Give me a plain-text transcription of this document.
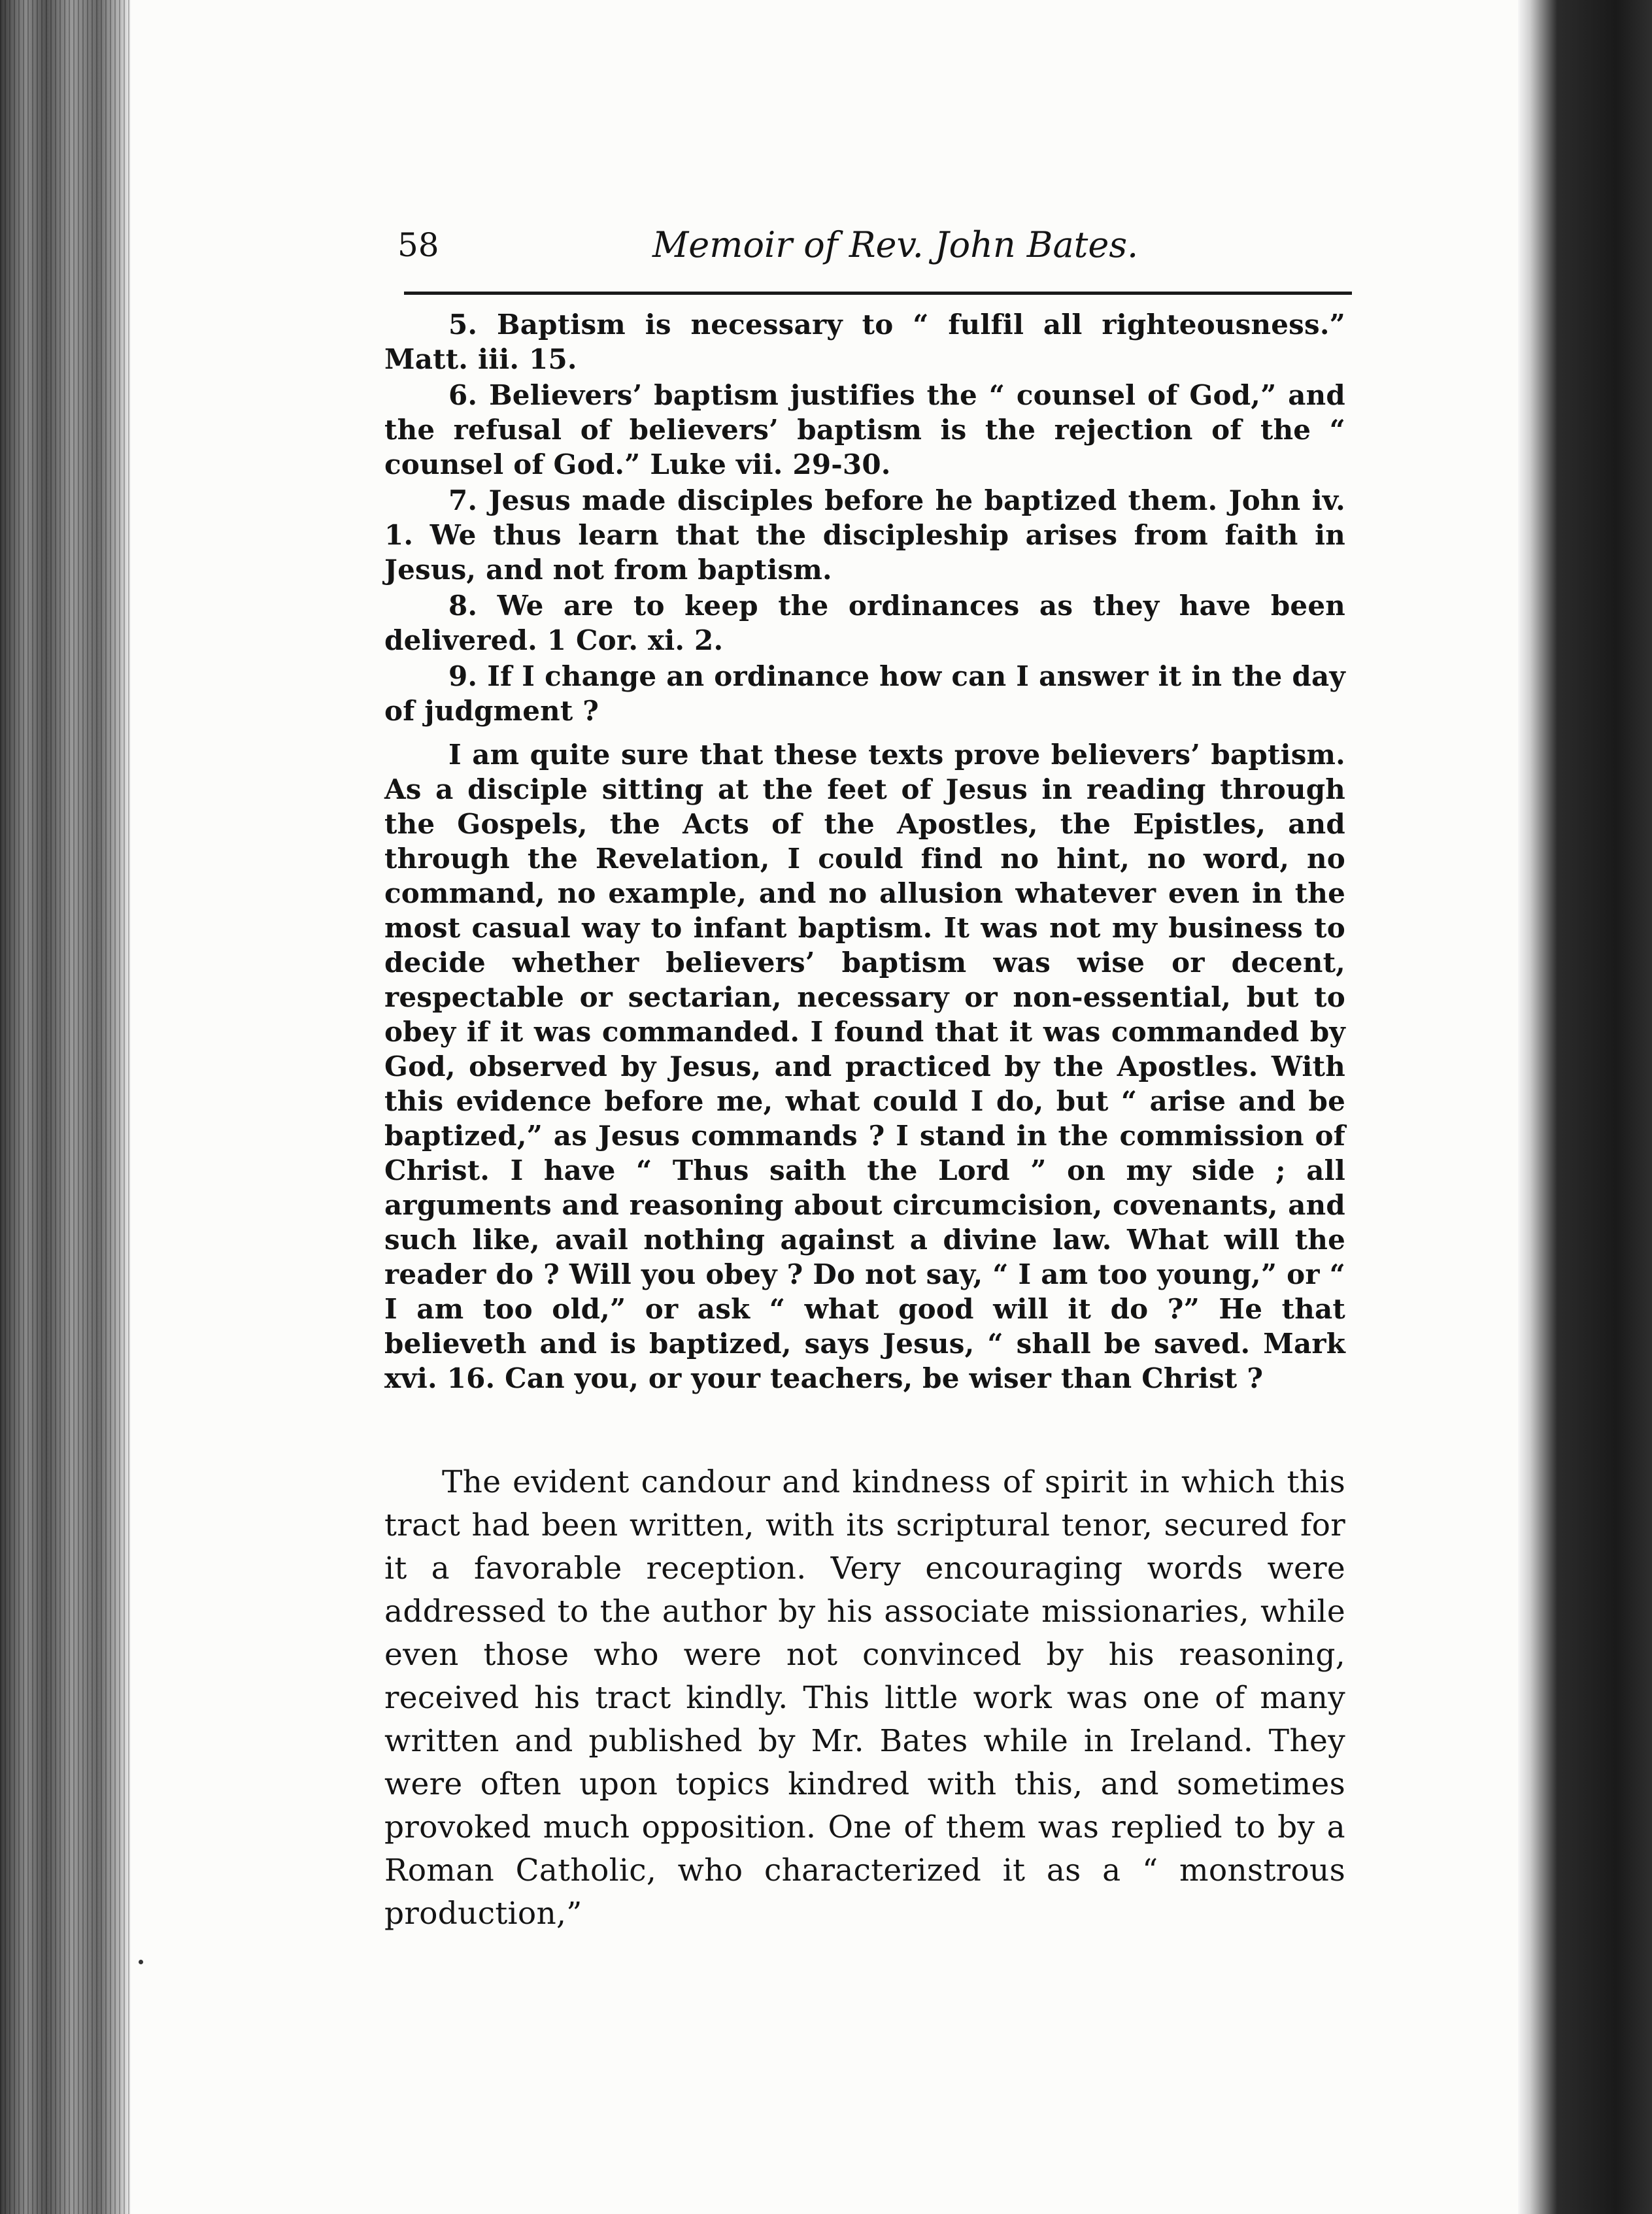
58	Memoir of Rev. John Bates.

5. Baptism is necessary to “ fulfil all righteousness.” Matt. iii. 15.

6. Believers’ baptism justifies the “ counsel of God,” and the refusal of believers’ baptism is the rejection of the “ counsel of God.” Luke vii. 29-30.

7. Jesus made disciples before he baptized them. John iv. 1. We thus learn that the discipleship arises from faith in Jesus, and not from baptism.

8. We are to keep the ordinances as they have been delivered. 1 Cor. xi. 2.

9. If I change an ordinance how can I answer it in the day of judgment ?

I am quite sure that these texts prove believers’ baptism. As a disciple sitting at the feet of Jesus in reading through the Gospels, the Acts of the Apostles, the Epistles, and through the Revelation, I could find no hint, no word, no command, no example, and no allusion whatever even in the most casual way to infant baptism. It was not my business to decide whether believers’ baptism was wise or decent, respectable or sectarian, necessary or non-essential, but to obey if it was commanded. I found that it was commanded by God, observed by Jesus, and practiced by the Apostles. With this evidence before me, what could I do, but “ arise and be baptized,” as Jesus commands ? I stand in the commission of Christ. I have “ Thus saith the Lord ” on my side ; all arguments and reasoning about circumcision, covenants, and such like, avail nothing against a divine law. What will the reader do ? Will you obey ? Do not say, “ I am too young,” or “ I am too old,” or ask “ what good will it do ?” He that believeth and is baptized, says Jesus, “ shall be saved. Mark xvi. 16. Can you, or your teachers, be wiser than Christ ?

The evident candour and kindness of spirit in which this tract had been written, with its scriptural tenor, secured for it a favorable reception. Very encouraging words were addressed to the author by his associate missionaries, while even those who were not convinced by his reasoning, received his tract kindly. This little work was one of many written and published by Mr. Bates while in Ireland. They were often upon topics kindred with this, and sometimes provoked much opposition. One of them was replied to by a Roman Catholic, who characterized it as a “ monstrous production,”
